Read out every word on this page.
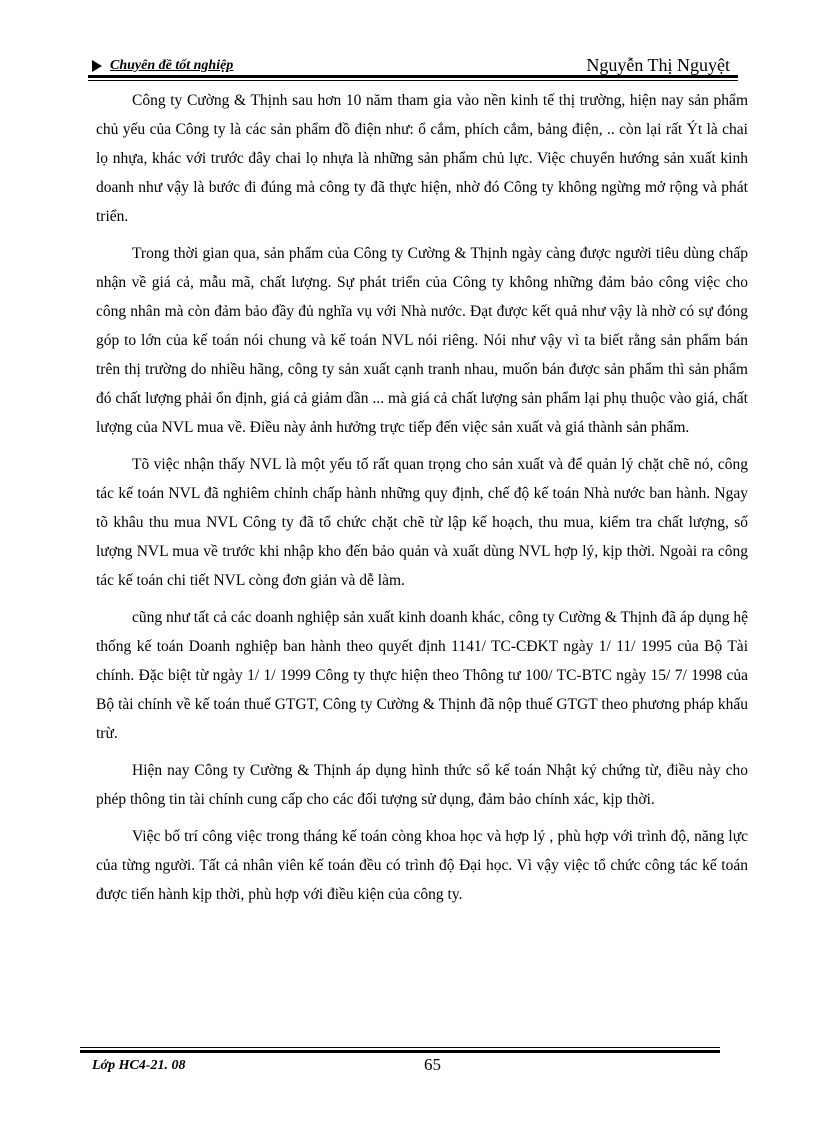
Chuyên đề tốt nghiệp	Nguyễn Thị Nguyệt

Công ty Cường & Thịnh sau hơn 10 năm tham gia vào nền kinh tế thị trường, hiện nay sản phẩm chủ yếu của Công ty là các sản phẩm đồ điện như: ổ cắm, phích cắm, bảng điện, .. còn lại rất Ýt là chai lọ nhựa, khác với trước đây chai lọ nhựa là những sản phẩm chủ lực. Việc chuyển hướng sản xuất kinh doanh như vậy là bước đi đúng mà công ty đã thực hiện, nhờ đó Công ty không ngừng mở rộng và phát triển.

Trong thời gian qua, sản phẩm của Công ty Cường & Thịnh ngày càng được người tiêu dùng chấp nhận về giá cả, mẫu mã, chất lượng. Sự phát triển của Công ty không những đảm bảo công việc cho công nhân mà còn đảm bảo đầy đủ nghĩa vụ với Nhà nước. Đạt được kết quả như vậy là nhờ có sự đóng góp to lớn của kế toán nói chung và kế toán NVL nói riêng. Nói như vậy vì ta biết rằng sản phẩm bán trên thị trường do nhiều hãng, công ty sản xuất cạnh tranh nhau, muốn bán được sản phẩm thì sản phẩm đó chất lượng phải ổn định, giá cả giảm dần ... mà giá cả chất lượng sản phẩm lại phụ thuộc vào giá, chất lượng của NVL mua về. Điều này ảnh hưởng trực tiếp đến việc sản xuất và giá thành sản phẩm.

Tõ việc nhận thấy NVL là một yếu tố rất quan trọng cho sản xuất và để quản lý chặt chẽ nó, công tác kế toán NVL đã nghiêm chỉnh chấp hành những quy định, chế độ kế toán Nhà nước ban hành. Ngay tõ khâu thu mua NVL Công ty đã tổ chức chặt chẽ từ lập kế hoạch, thu mua, kiểm tra chất lượng, số lượng NVL mua về trước khi nhập kho đến bảo quản và xuất dùng NVL hợp lý, kịp thời. Ngoài ra công tác kế toán chi tiết NVL còng đơn giản và dễ làm.

cũng như tất cả các doanh nghiệp sản xuất kinh doanh khác, công ty Cường & Thịnh đã áp dụng hệ thống kế toán Doanh nghiệp ban hành theo quyết định 1141/ TC-CĐKT ngày 1/ 11/ 1995 của Bộ Tài chính. Đặc biệt từ ngày 1/ 1/ 1999 Công ty thực hiện theo Thông tư 100/ TC-BTC ngày 15/ 7/ 1998 của Bộ tài chính về kế toán thuế GTGT, Công ty Cường & Thịnh đã nộp thuế GTGT theo phương pháp khấu trừ.

Hiện nay Công ty Cường & Thịnh áp dụng hình thức sổ kế toán Nhật ký chứng từ, điều này cho phép thông tin tài chính cung cấp cho các đối tượng sử dụng, đảm bảo chính xác, kịp thời.

Việc bố trí công việc trong tháng kế toán còng khoa học và hợp lý , phù hợp với trình độ, năng lực của từng người. Tất cả nhân viên kế toán đều có trình độ Đại học. Vì vậy việc tổ chức công tác kế toán được tiến hành kịp thời, phù hợp với điều kiện của công ty.

Lớp HC4-21. 08	65
